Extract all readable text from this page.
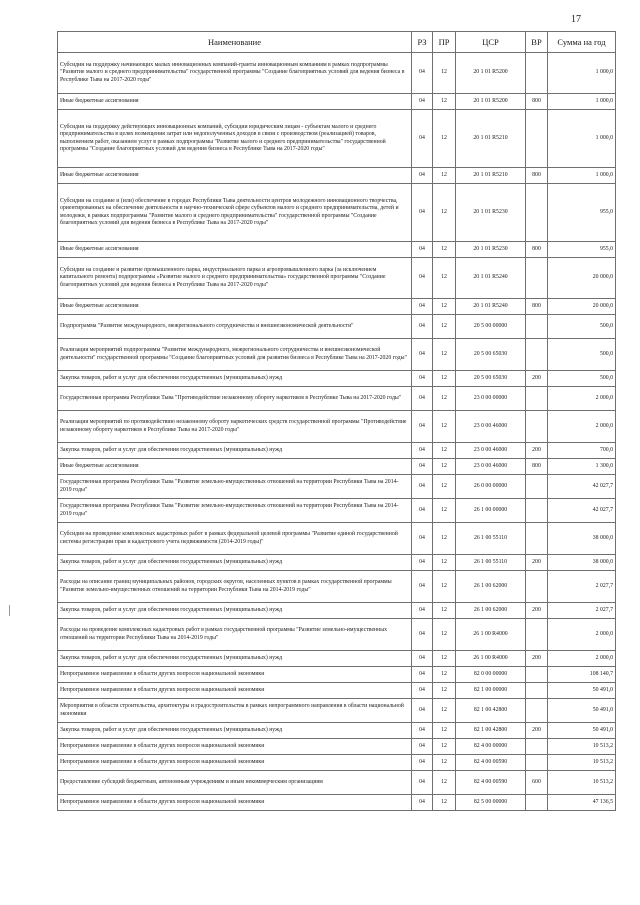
17
Наименование	РЗ	ПР	ЦСР	ВР	Сумма на год
Субсидии на поддержку начинающих малых инновационных компаний-гранты инновационным компаниям в рамках подпрограммы "Развитие малого и среднего предпринимательства" государственной программы "Создание благоприятных условий для ведения бизнеса в Республике Тыва на 2017-2020 годы"	04	12	20 1 01 R5200		1 000,0
Иные бюджетные ассигнования	04	12	20 1 01 R5200	800	1 000,0
Субсидии на поддержку действующих инновационных компаний, субсидии юридическим лицам - субъектам малого и среднего предпринимательства в целях возмещения затрат или недополученных доходов в связи с производством (реализацией) товаров, выполнением работ, оказанием услуг в рамках подпрограммы "Развитие малого и среднего предпринимательства" государственной программы "Создание благоприятных условий для ведения бизнеса в Республике Тыва на 2017-2020 годы"	04	12	20 1 01 R5210		1 000,0
Иные бюджетные ассигнования	04	12	20 1 01 R5210	800	1 000,0
Субсидии на создание и (или) обеспечение в городах Республики Тыва деятельности центров молодежного инновационного творчества, ориентированных на обеспечение деятельности в научно-технической сфере субъектов малого и среднего предпринимательства, детей и молодежи, в рамках подпрограммы "Развитие малого и среднего предпринимательства" государственной программы "Создание благоприятных условий для ведения бизнеса в Республике Тыва на 2017-2020 годы"	04	12	20 1 01 R5230		955,0
Иные бюджетные ассигнования	04	12	20 1 01 R5230	800	955,0
Субсидии на создание и развитие промышленного парка, индустриального парка и агропромышленного парка (за исключением капитального ремонта) подпрограммы «Развитие малого и среднего предпринимательства» государственной программы "Создание благоприятных условий для ведения бизнеса в Республике Тыва на 2017-2020 годы"	04	12	20 1 01 R5240		20 000,0
Иные бюджетные ассигнования	04	12	20 1 01 R5240	800	20 000,0
Подпрограмма "Развитие международного, межрегионального сотрудничества и внешнеэкономической деятельности"	04	12	20 5 00 00000		500,0
Реализация мероприятий подпрограммы "Развитие международного, межрегионального сотрудничества и внешнеэкономической деятельности" государственной программы "Создание благоприятных условий для развития бизнеса в Республике Тыва на 2017-2020 годы"	04	12	20 5 00 65030		500,0
Закупка товаров, работ и услуг для обеспечения государственных (муниципальных) нужд	04	12	20 5 00 65030	200	500,0
Государственная программа Республики Тыва "Противодействие незаконному обороту наркотиков в Республике Тыва на 2017-2020 годы"	04	12	23 0 00 00000		2 000,0
Реализация мероприятий по противодействию незаконному обороту наркотических средств государственной программы "Противодействие незаконному обороту наркотиков в Республике Тыва на 2017-2020 годы"	04	12	23 0 00 46000		2 000,0
Закупка товаров, работ и услуг для обеспечения государственных (муниципальных) нужд	04	12	23 0 00 46000	200	700,0
Иные бюджетные ассигнования	04	12	23 0 00 46000	800	1 300,0
Государственная программа Республики Тыва "Развитие земельно-имущественных отношений на территории Республики Тыва на 2014-2019 годы"	04	12	26 0 00 00000		42 027,7
Государственная программа Республики Тыва "Развитие земельно-имущественных отношений на территории Республики Тыва на 2014-2019 годы"	04	12	26 1 00 00000		42 027,7
Субсидия на проведение комплексных кадастровых работ в рамках федеральной целевой программы "Развитие единой государственной системы регистрации прав и кадастрового учета недвижимости (2014-2019 годы)"	04	12	26 1 00 55110		38 000,0
Закупка товаров, работ и услуг для обеспечения государственных (муниципальных) нужд	04	12	26 1 00 55110	200	38 000,0
Расходы на описание границ муниципальных районов, городских округов, населенных пунктов в рамках государственной программы "Развитие земельно-имущественных отношений на территории Республики Тыва на 2014-2019 годы"	04	12	26 1 00 62000		2 027,7
Закупка товаров, работ и услуг для обеспечения государственных (муниципальных) нужд	04	12	26 1 00 62000	200	2 027,7
Расходы на проведение комплексных кадастровых работ в рамках государственной программы "Развитие земельно-имущественных отношений на территории Республики Тыва на 2014-2019 годы"	04	12	26 1 00 R4000		2 000,0
Закупка товаров, работ и услуг для обеспечения государственных (муниципальных) нужд	04	12	26 1 00 R4000	200	2 000,0
Непрограммное направление в области других вопросов национальной экономики	04	12	82 0 00 00000		108 140,7
Непрограммное направление в области других вопросов национальной экономики	04	12	82 1 00 00000		50 491,0
Мероприятия в области строительства, архитектуры и градостроительства в рамках непрограммного направления в области национальной экономики	04	12	82 1 00 42800		50 491,0
Закупка товаров, работ и услуг для обеспечения государственных (муниципальных) нужд	04	12	82 1 00 42800	200	50 491,0
Непрограммное направление в области других вопросов национальной экономики	04	12	82 4 00 00000		10 513,2
Непрограммное направление в области других вопросов национальной экономики	04	12	82 4 00 00590		10 513,2
Предоставление субсидий бюджетным, автономным учреждениям и иным некоммерческим организациям	04	12	82 4 00 00590	600	10 513,2
Непрограммное направление в области других вопросов национальной экономики	04	12	82 5 00 00000		47 136,5
